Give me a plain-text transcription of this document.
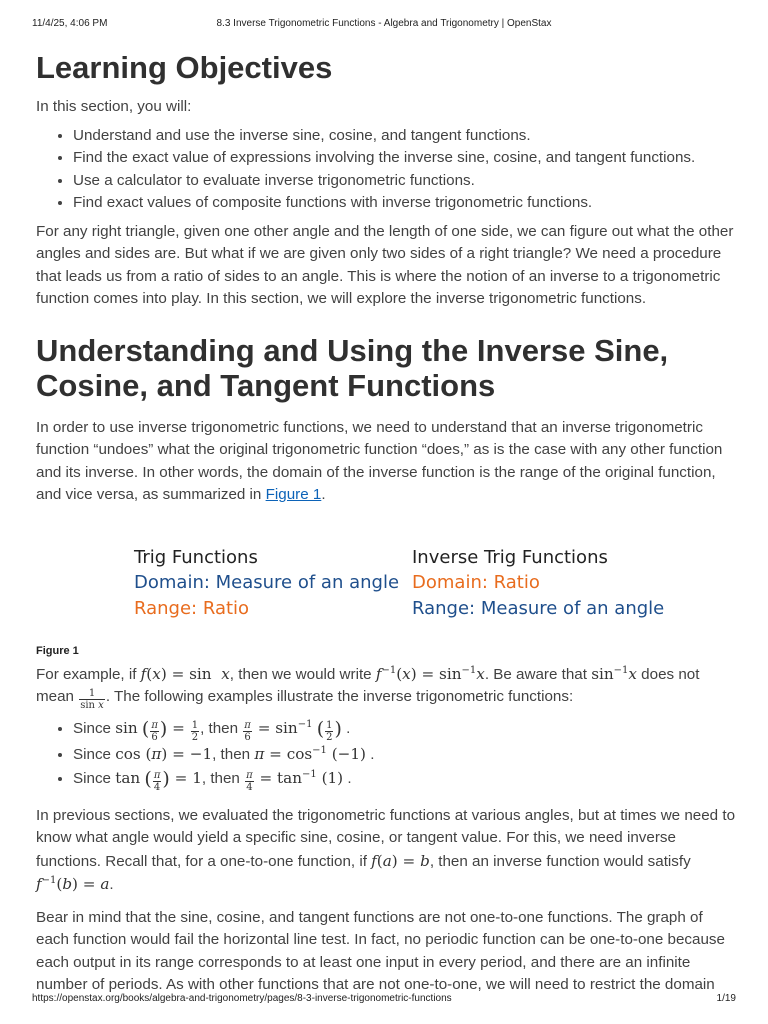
11/4/25, 4:06 PM	8.3 Inverse Trigonometric Functions - Algebra and Trigonometry | OpenStax
Learning Objectives

In this section, you will:

• Understand and use the inverse sine, cosine, and tangent functions.
• Find the exact value of expressions involving the inverse sine, cosine, and tangent functions.
• Use a calculator to evaluate inverse trigonometric functions.
• Find exact values of composite functions with inverse trigonometric functions.

For any right triangle, given one other angle and the length of one side, we can figure out what the other angles and sides are. But what if we are given only two sides of a right triangle? We need a procedure that leads us from a ratio of sides to an angle. This is where the notion of an inverse to a trigonometric function comes into play. In this section, we will explore the inverse trigonometric functions.

Understanding and Using the Inverse Sine, Cosine, and Tangent Functions

In order to use inverse trigonometric functions, we need to understand that an inverse trigonometric function “undoes” what the original trigonometric function “does,” as is the case with any other function and its inverse. In other words, the domain of the inverse function is the range of the original function, and vice versa, as summarized in Figure 1.

Trig Functions
Domain: Measure of an angle
Range: Ratio
Inverse Trig Functions
Domain: Ratio
Range: Measure of an angle
Figure 1

For example, if f(x) = sin  x, then we would write $f^{-1}(x) = \sin^{-1}x$. Be aware that $\sin^{-1}x$ does not mean $\frac{1}{\text{sin x}}$ . The following examples illustrate the inverse trigonometric functions:

• Since sin ( $\frac{\pi}{6}$ ) = $\frac{1}{2}$ , then $\frac{\pi}{6} = \sin^{-1}$ ( $\frac{1}{2}$ ) .
• Since cos (π) = −1, then $\pi = \cos^{-1} (-1)$ .
• Since tan ( $\frac{\pi}{4}$ ) = 1, then $\frac{\pi}{4} = \tan^{-1} (1)$ .

In previous sections, we evaluated the trigonometric functions at various angles, but at times we need to know what angle would yield a specific sine, cosine, or tangent value. For this, we need inverse functions. Recall that, for a one-to-one function, if f(a) = b, then an inverse function would satisfy $f^{-1}(b) = a$.

Bear in mind that the sine, cosine, and tangent functions are not one-to-one functions. The graph of each function would fail the horizontal line test. In fact, no periodic function can be one-to-one because each output in its range corresponds to at least one input in every period, and there are an infinite number of periods. As with other functions that are not one-to-one, we will need to restrict the domain

https://openstax.org/books/algebra-and-trigonometry/pages/8-3-inverse-trigonometric-functions	1/19
